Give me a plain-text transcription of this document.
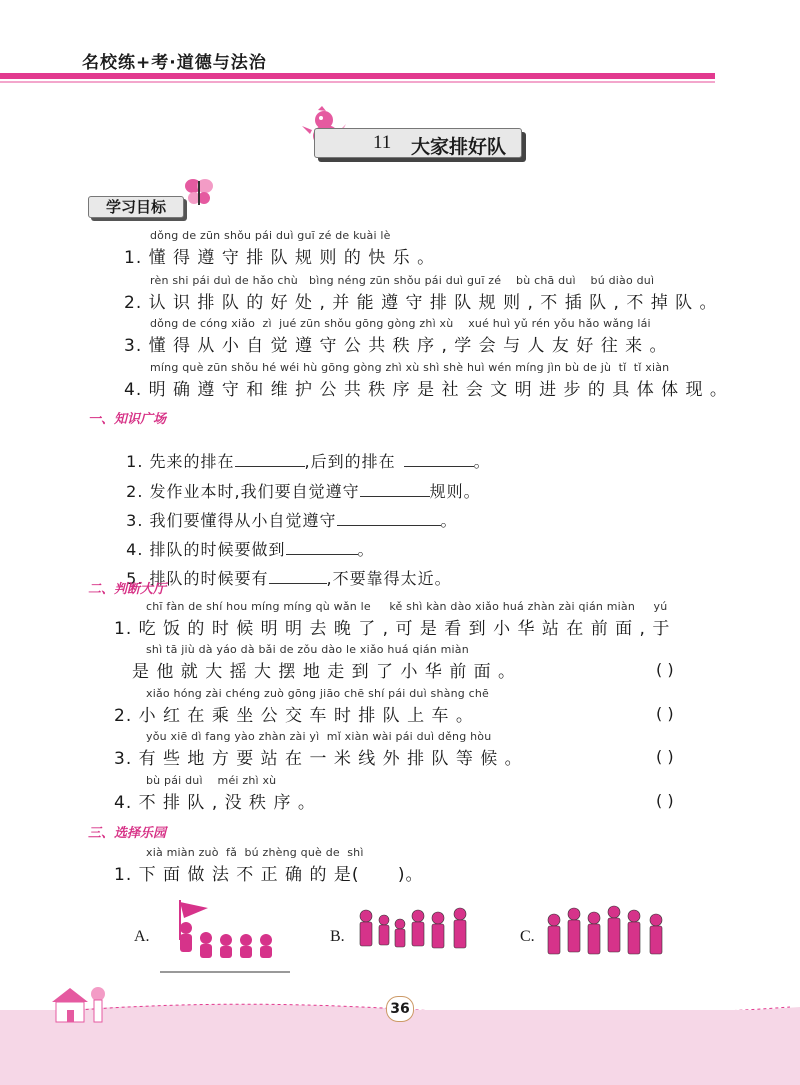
名校练+考·道德与法治
11 大家排好队
学习目标
dǒng de zūn shǒu pái duì guī zé de kuài lè
1. 懂 得 遵 守 排 队 规 则 的 快 乐 。
rèn shi pái duì de hǎo chù   bìng néng zūn shǒu pái duì guī zé    bù chā duì    bú diào duì
2. 认 识 排 队 的 好 处 , 并 能 遵 守 排 队 规 则 , 不 插 队 , 不 掉 队 。
dǒng de cóng xiǎo  zì  jué zūn shǒu gōng gòng zhì xù    xué huì yǔ rén yǒu hǎo wǎng lái
3. 懂 得 从 小 自 觉 遵 守 公 共 秩 序 , 学 会 与 人 友 好 往 来 。
míng què zūn shǒu hé wéi hù gōng gòng zhì xù shì shè huì wén míng jìn bù de jù  tǐ  tǐ xiàn
4. 明 确 遵 守 和 维 护 公 共 秩 序 是 社 会 文 明 进 步 的 具 体 体 现 。
一、知识广场

1. 先来的排在	,后到的排在	。

2. 发作业本时,我们要自觉遵守	规则。

3. 我们要懂得从小自觉遵守	。

4. 排队的时候要做到	。

5. 排队的时候要有	,不要靠得太近。

二、判断大厅
chī fàn de shí hou míng míng qù wǎn le     kě shì kàn dào xiǎo huá zhàn zài qián miàn     yú
1. 吃 饭 的 时 候 明 明 去 晚 了 , 可 是 看 到 小 华 站 在 前 面 , 于
shì tā jiù dà yáo dà bǎi de zǒu dào le xiǎo huá qián miàn
是 他 就 大 摇 大 摆 地 走 到 了 小 华 前 面 。	( )
xiǎo hóng zài chéng zuò gōng jiāo chē shí pái duì shàng chē
2. 小 红 在 乘 坐 公 交 车 时 排 队 上 车 。	( )
yǒu xiē dì fang yào zhàn zài yì  mǐ xiàn wài pái duì děng hòu
3. 有 些 地 方 要 站 在 一 米 线 外 排 队 等 候 。	( )
bù pái duì    méi zhì xù
4. 不 排 队 , 没 秩 序 。	( )
三、选择乐园
xià miàn zuò  fǎ  bú zhèng què de  shì
1. 下 面 做 法 不 正 确 的 是(      )。
A.	B.	C.
36
